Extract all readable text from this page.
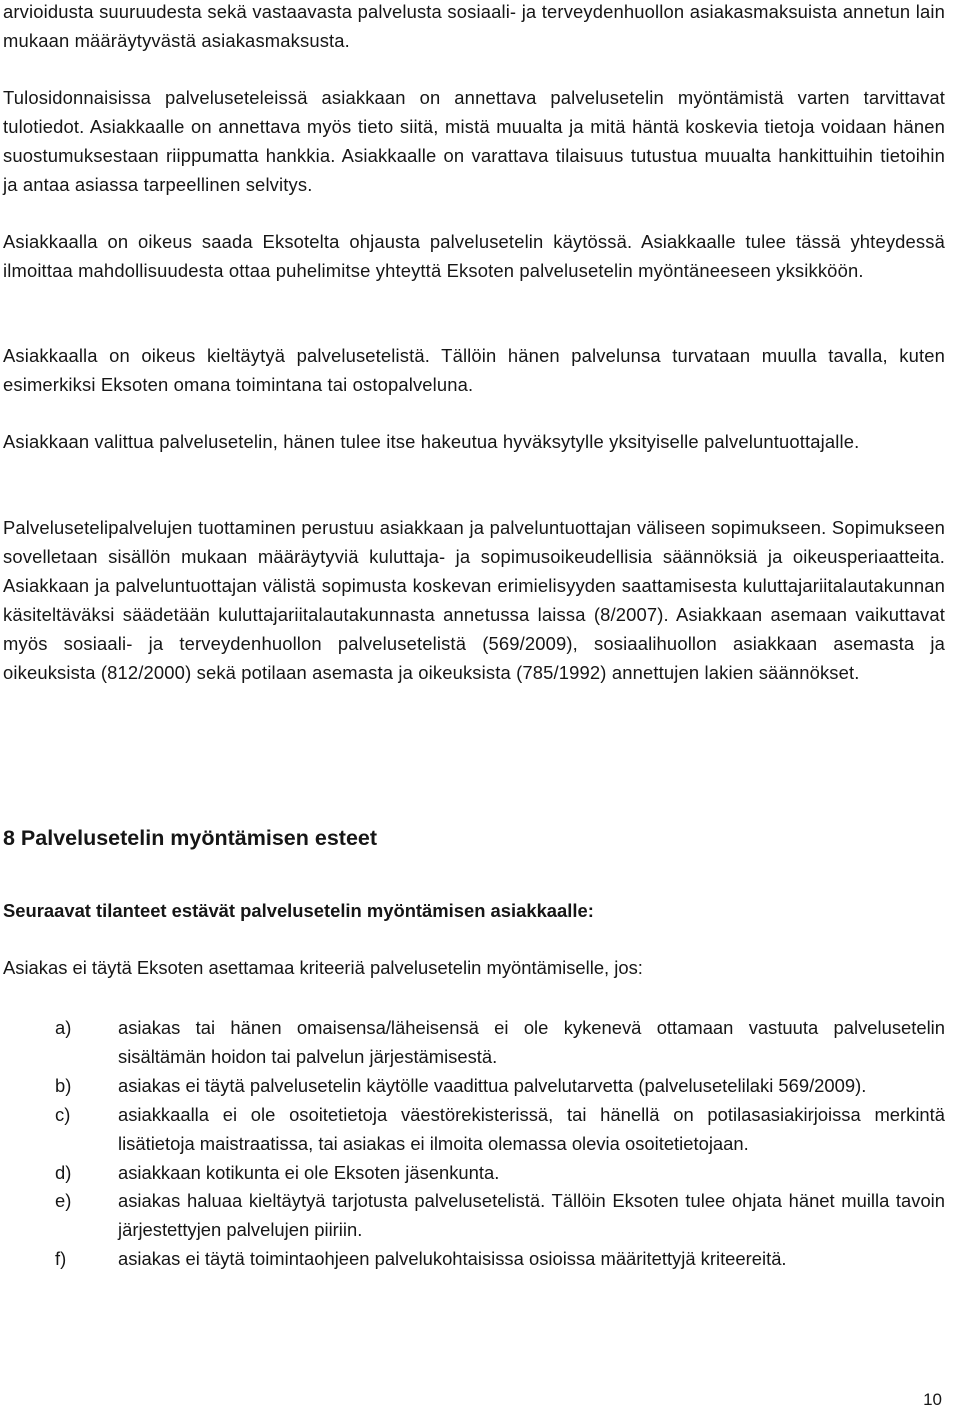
arvioidusta suuruudesta sekä vastaavasta palvelusta sosiaali- ja terveydenhuollon asiakasmaksuista annetun lain mukaan määräytyvästä asiakasmaksusta.

Tulosidonnaisissa palveluseteleissä asiakkaan on annettava palvelusetelin myöntämistä varten tarvittavat tulotiedot. Asiakkaalle on annettava myös tieto siitä, mistä muualta ja mitä häntä koskevia tietoja voidaan hänen suostumuksestaan riippumatta hankkia. Asiakkaalle on varattava tilaisuus tutustua muualta hankittuihin tietoihin ja antaa asiassa tarpeellinen selvitys.

Asiakkaalla on oikeus saada Eksotelta ohjausta palvelusetelin käytössä. Asiakkaalle tulee tässä yhteydessä ilmoittaa mahdollisuudesta ottaa puhelimitse yhteyttä Eksoten palvelusetelin myöntäneeseen yksikköön.

Asiakkaalla on oikeus kieltäytyä palvelusetelistä. Tällöin hänen palvelunsa turvataan muulla tavalla, kuten esimerkiksi Eksoten omana toimintana tai ostopalveluna.

Asiakkaan valittua palvelusetelin, hänen tulee itse hakeutua hyväksytylle yksityiselle palveluntuottajalle.

Palvelusetelipalvelujen tuottaminen perustuu asiakkaan ja palveluntuottajan väliseen sopimukseen. Sopimukseen sovelletaan sisällön mukaan määräytyviä kuluttaja- ja sopimusoikeudellisia säännöksiä ja oikeusperiaatteita. Asiakkaan ja palveluntuottajan välistä sopimusta koskevan erimielisyyden saattamisesta kuluttajariitalautakunnan käsiteltäväksi säädetään kuluttajariitalautakunnasta annetussa laissa (8/2007). Asiakkaan asemaan vaikuttavat myös sosiaali- ja terveydenhuollon palvelusetelistä (569/2009), sosiaalihuollon asiakkaan asemasta ja oikeuksista (812/2000) sekä potilaan asemasta ja oikeuksista (785/1992) annettujen lakien säännökset.

8 Palvelusetelin myöntämisen esteet
Seuraavat tilanteet estävät palvelusetelin myöntämisen asiakkaalle:

Asiakas ei täytä Eksoten asettamaa kriteeriä palvelusetelin myöntämiselle, jos:

a)	asiakas tai hänen omaisensa/läheisensä ei ole kykenevä ottamaan vastuuta palvelusetelin sisältämän hoidon tai palvelun järjestämisestä.
b)	asiakas ei täytä palvelusetelin käytölle vaadittua palvelutarvetta (palvelusetelilaki 569/2009).
c)	asiakkaalla ei ole osoitetietoja väestörekisterissä, tai hänellä on potilasasiakirjoissa merkintä lisätietoja maistraatissa, tai asiakas ei ilmoita olemassa olevia osoitetietojaan.
d)	asiakkaan kotikunta ei ole Eksoten jäsenkunta.
e)	asiakas haluaa kieltäytyä tarjotusta palvelusetelistä. Tällöin Eksoten tulee ohjata hänet muilla tavoin järjestettyjen palvelujen piiriin.
f)	asiakas ei täytä toimintaohjeen palvelukohtaisissa osioissa määritettyjä kriteereitä.
10
